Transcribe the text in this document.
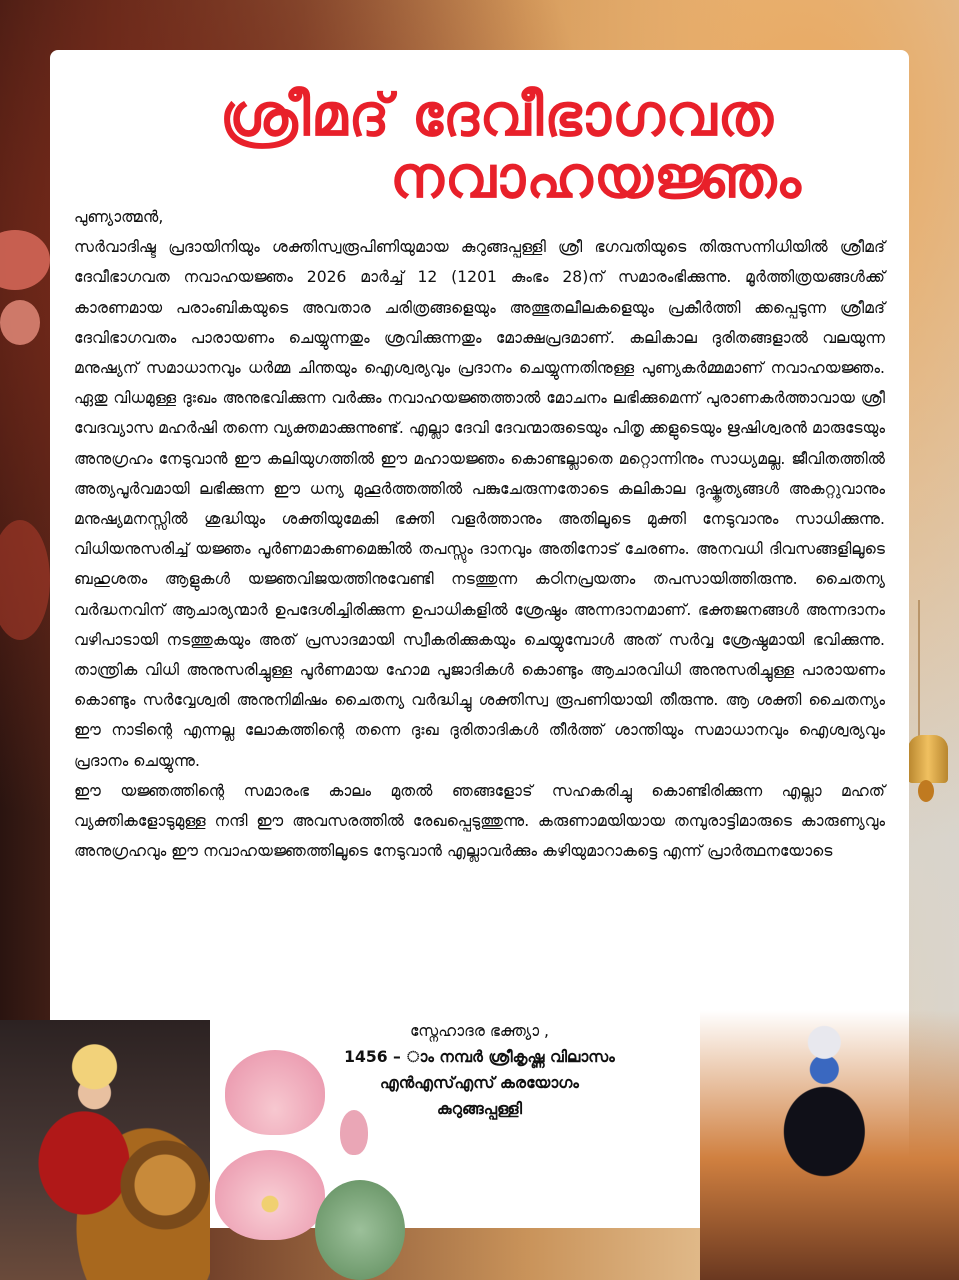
ശ്രീമദ് ദേവീഭാഗവത
നവാഹയജ്ഞം

പുണ്യാത്മൻ,

സർവാദിഷ്ട പ്രദായിനിയും ശക്തിസ്വരൂപിണിയുമായ കുറുങ്ങപ്പള്ളി ശ്രീ ഭഗവതിയുടെ തിരുസന്നിധിയിൽ ശ്രീമദ് ദേവീഭാഗവത നവാഹയജ്ഞം 2026 മാർച്ച് 12 (1201 കുംഭം 28)ന് സമാരംഭിക്കുന്നു. മൂർത്തിത്രയങ്ങൾക്ക് കാരണമായ പരാംബികയുടെ അവതാര ചരിത്രങ്ങളെയും അത്ഭുതലീലകളെയും പ്രകീർത്തി ക്കപ്പെടുന്ന ശ്രീമദ് ദേവിഭാഗവതം പാരായണം ചെയ്യുന്നതും ശ്രവിക്കുന്നതും മോക്ഷപ്രദമാണ്. കലികാല ദുരിതങ്ങളാൽ വലയുന്ന മനുഷ്യന് സമാധാനവും ധർമ്മ ചിന്തയും ഐശ്വര്യവും പ്രദാനം ചെയ്യുന്നതിനുള്ള പുണ്യകർമ്മമാണ് നവാഹയജ്ഞം. ഏതു വിധമുള്ള ദുഃഖം അനുഭവിക്കുന്ന വർക്കും നവാഹയജ്ഞത്താൽ മോചനം ലഭിക്കുമെന്ന് പുരാണകർത്താവായ ശ്രീ വേദവ്യാസ മഹർഷി തന്നെ വ്യക്തമാക്കുന്നുണ്ട്. എല്ലാ ദേവി ദേവന്മാരുടെയും പിതൃ ക്കളുടെയും ഋഷിശ്വരൻ മാരുടേയും അനുഗ്രഹം നേടുവാൻ ഈ കലിയുഗത്തിൽ ഈ മഹായജ്ഞം കൊണ്ടല്ലാതെ മറ്റൊന്നിനും സാധ്യമല്ല. ജീവിതത്തിൽ അത്യപൂർവമായി ലഭിക്കുന്ന ഈ ധന്യ മുഹൂർത്തത്തിൽ പങ്കുചേരുന്നതോടെ കലികാല ദുഷ്കൃത്യങ്ങൾ അകറ്റുവാനും മനുഷ്യമനസ്സിൽ ശുദ്ധിയും ശക്തിയുമേകി ഭക്തി വളർത്താനും അതിലൂടെ മുക്തി നേടുവാനും സാധിക്കുന്നു. വിധിയനുസരിച്ച് യജ്ഞം പൂർണമാകണമെങ്കിൽ തപസ്സും ദാനവും അതിനോട് ചേരണം. അനവധി ദിവസങ്ങളിലൂടെ ബഹുശതം ആളുകൾ യജ്ഞവിജയത്തിനുവേണ്ടി നടത്തുന്ന കഠിനപ്രയത്നം തപസായിത്തിരുന്നു. ചൈതന്യ വർദ്ധനവിന് ആചാര്യന്മാർ ഉപദേശിച്ചിരിക്കുന്ന ഉപാധികളിൽ ശ്രേഷ്ഠം അന്നദാനമാണ്. ഭക്തജനങ്ങൾ അന്നദാനം വഴിപാടായി നടത്തുകയും അത് പ്രസാദമായി സ്വീകരിക്കുകയും ചെയ്യുമ്പോൾ അത് സർവ്വ ശ്രേഷ്ഠമായി ഭവിക്കുന്നു. താന്ത്രിക വിധി അനുസരിച്ചുള്ള പൂർണമായ ഹോമ പൂജാദികൾ കൊണ്ടും ആചാരവിധി അനുസരിച്ചുള്ള പാരായണം കൊണ്ടും സർവ്വേശ്വരി അനുനിമിഷം ചൈതന്യ വർദ്ധിച്ചു ശക്തിസ്വ രൂപണിയായി തീരുന്നു. ആ ശക്തി ചൈതന്യം ഈ നാടിന്റെ എന്നല്ല ലോകത്തിന്റെ തന്നെ ദുഃഖ ദുരിതാദികൾ തീർത്ത് ശാന്തിയും സമാധാനവും ഐശ്വര്യവും പ്രദാനം ചെയ്യുന്നു.

ഈ യജ്ഞത്തിന്റെ സമാരംഭ കാലം മുതൽ ഞങ്ങളോട് സഹകരിച്ചു കൊണ്ടിരിക്കുന്ന എല്ലാ മഹത് വ്യക്തികളോടുമുള്ള നന്ദി ഈ അവസരത്തിൽ രേഖപ്പെടുത്തുന്നു. കരുണാമയിയായ തമ്പുരാട്ടിമാരുടെ കാരുണ്യവും അനുഗ്രഹവും ഈ നവാഹയജ്ഞത്തിലൂടെ നേടുവാൻ എല്ലാവർക്കും കഴിയുമാറാകട്ടെ എന്ന് പ്രാർത്ഥനയോടെ

സ്നേഹാദര ഭക്ത്യാ ,
1456 – ാം നമ്പർ ശ്രീകൃഷ്ണ വിലാസം
എൻഎസ്എസ് കരയോഗം
കുറുങ്ങപ്പള്ളി
